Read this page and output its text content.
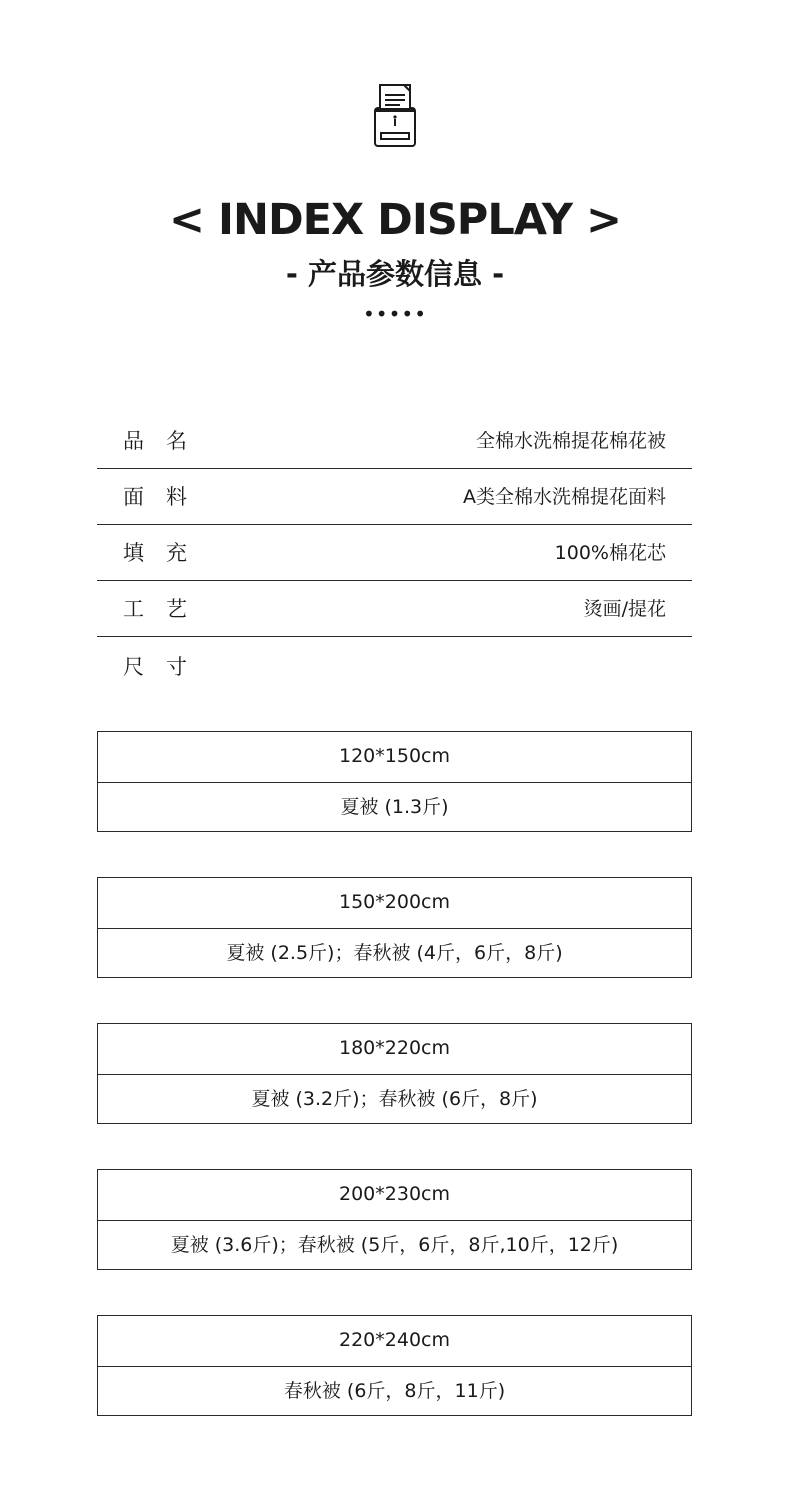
< INDEX DISPLAY >
- 产品参数信息 -
•••••
品名	全棉水洗棉提花棉花被
面料	A类全棉水洗棉提花面料
填充	100%棉花芯
工艺	烫画/提花
尺寸
120*150cm
夏被 (1.3斤)
150*200cm
夏被 (2.5斤)；春秋被 (4斤，6斤，8斤)
180*220cm
夏被 (3.2斤)；春秋被 (6斤，8斤)
200*230cm
夏被 (3.6斤)；春秋被 (5斤，6斤，8斤,10斤，12斤)
220*240cm
春秋被 (6斤，8斤，11斤)
